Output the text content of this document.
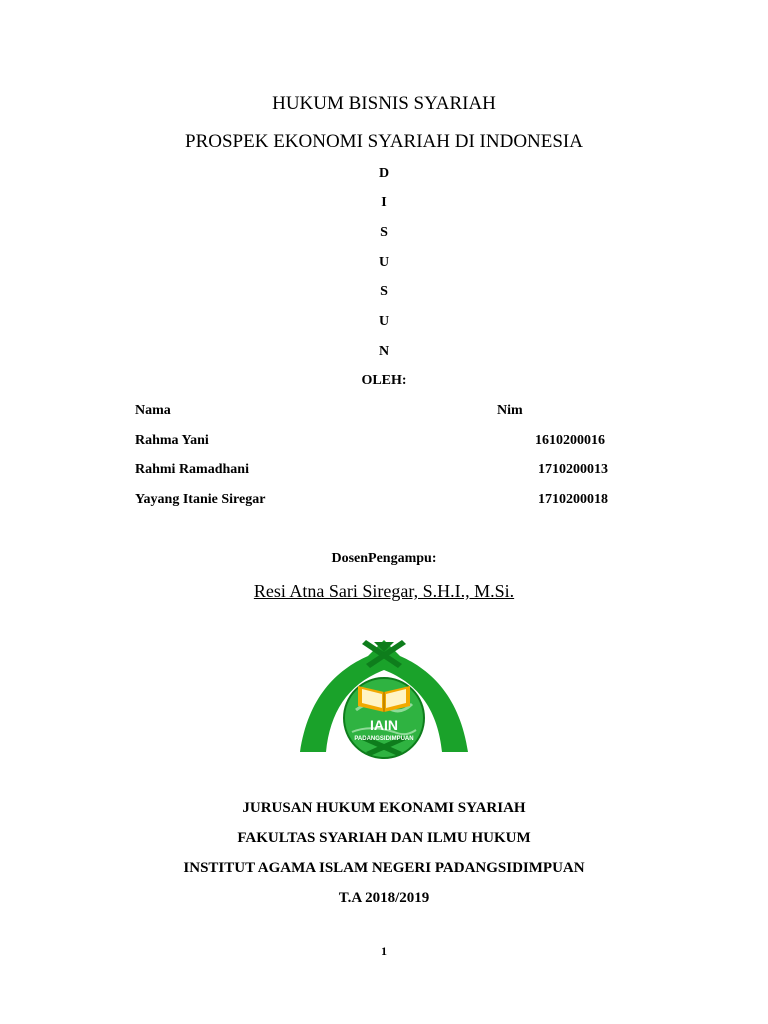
HUKUM BISNIS SYARIAH
PROSPEK EKONOMI SYARIAH DI INDONESIA
D
I
S
U
S
U
N
OLEH:
Nama	Nim
Rahma Yani	1610200016
Rahmi Ramadhani	1710200013
Yayang Itanie Siregar	1710200018
DosenPengampu:
Resi Atna Sari Siregar, S.H.I., M.Si.
IAIN
PADANGSIDIMPUAN
JURUSAN HUKUM EKONAMI SYARIAH
FAKULTAS SYARIAH DAN ILMU HUKUM
INSTITUT AGAMA ISLAM NEGERI PADANGSIDIMPUAN
T.A 2018/2019
1
